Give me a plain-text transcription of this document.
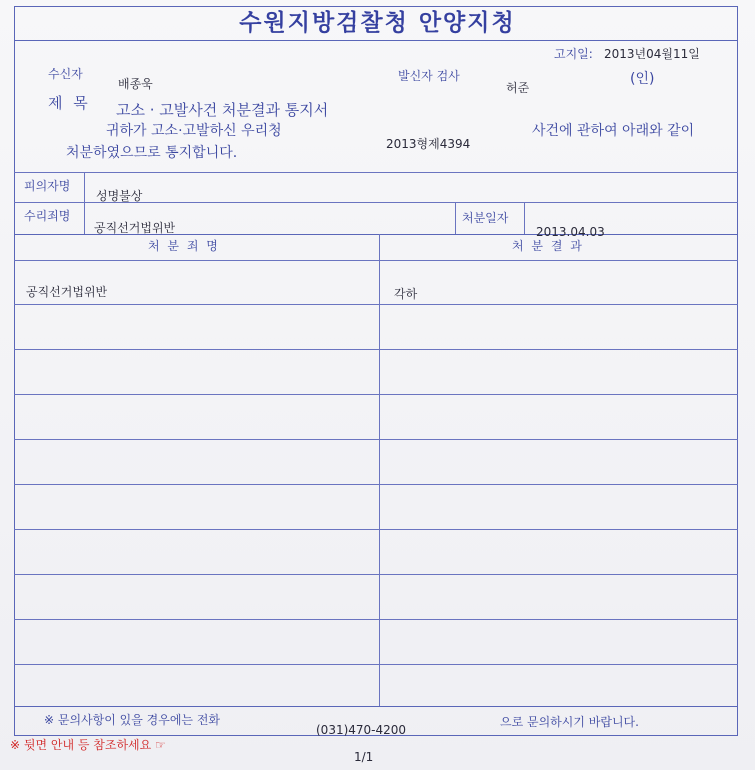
수원지방검찰청 안양지청
고지일: 2013년04월11일
수신자
배종욱
발신자 검사
허준
(인)
제 목 고소 · 고발사건 처분결과 통지서
귀하가 고소·고발하신 우리청
2013형제4394
사건에 관하여 아래와 같이
처분하였으므로 통지합니다.
피의자명
성명불상
수리죄명
공직선거법위반
처분일자
2013.04.03
처 분 죄 명	처 분 결 과
공직선거법위반	각하
※ 문의사항이 있을 경우에는 전화
(031)470-4200
으로 문의하시기 바랍니다.
※ 뒷면 안내 등 참조하세요 ☞
1/1
